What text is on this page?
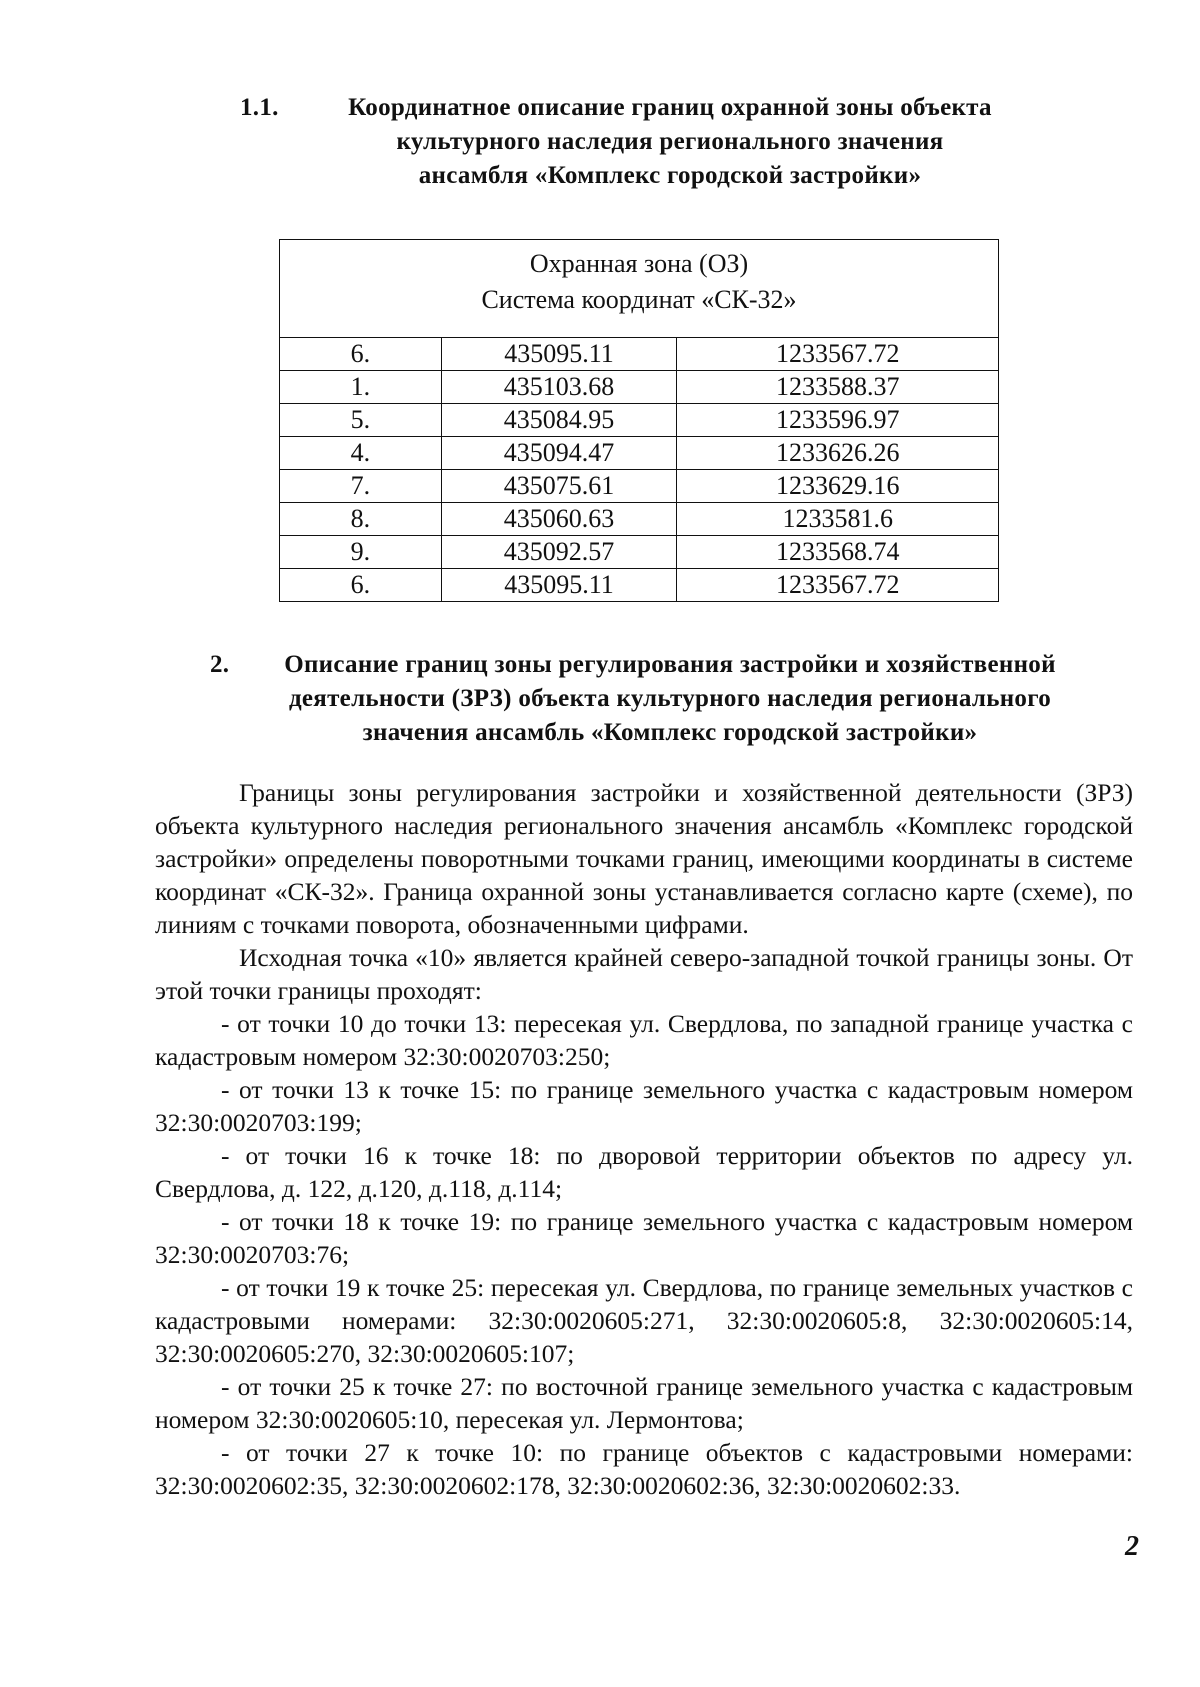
1.1.	Координатное описание границ охранной зоны объекта
культурного наследия регионального значения
ансамбля «Комплекс городской застройки»
Охранная зона (ОЗ)
Система координат «СК-32»		

6.	435095.11	1233567.72
1.	435103.68	1233588.37
5.	435084.95	1233596.97
4.	435094.47	1233626.26
7.	435075.61	1233629.16
8.	435060.63	1233581.6
9.	435092.57	1233568.74
6.	435095.11	1233567.72
2.	Описание границ зоны регулирования застройки и хозяйственной
деятельности (ЗРЗ) объекта культурного наследия регионального
значения ансамбль «Комплекс городской застройки»

Границы зоны регулирования застройки и хозяйственной деятельности (ЗРЗ) объекта культурного наследия регионального значения ансамбль «Комплекс городской застройки» определены поворотными точками границ, имеющими координаты в системе координат «СК-32». Граница охранной зоны устанавливается согласно карте (схеме), по линиям с точками поворота, обозначенными цифрами.

Исходная точка «10» является крайней северо-западной точкой границы зоны. От этой точки границы проходят:

- от точки 10 до точки 13: пересекая ул. Свердлова, по западной границе участка с кадастровым номером 32:30:0020703:250;

- от точки 13 к точке 15: по границе земельного участка с кадастровым номером 32:30:0020703:199;

- от точки 16 к точке 18: по дворовой территории объектов по адресу ул. Свердлова, д. 122, д.120, д.118, д.114;

- от точки 18 к точке 19: по границе земельного участка с кадастровым номером 32:30:0020703:76;

- от точки 19 к точке 25: пересекая ул. Свердлова, по границе земельных участков с кадастровыми номерами: 32:30:0020605:271, 32:30:0020605:8, 32:30:0020605:14, 32:30:0020605:270, 32:30:0020605:107;

- от точки 25 к точке 27: по восточной границе земельного участка с кадастровым номером 32:30:0020605:10, пересекая ул. Лермонтова;

- от точки 27 к точке 10: по границе объектов с кадастровыми номерами: 32:30:0020602:35, 32:30:0020602:178, 32:30:0020602:36, 32:30:0020602:33.

2
